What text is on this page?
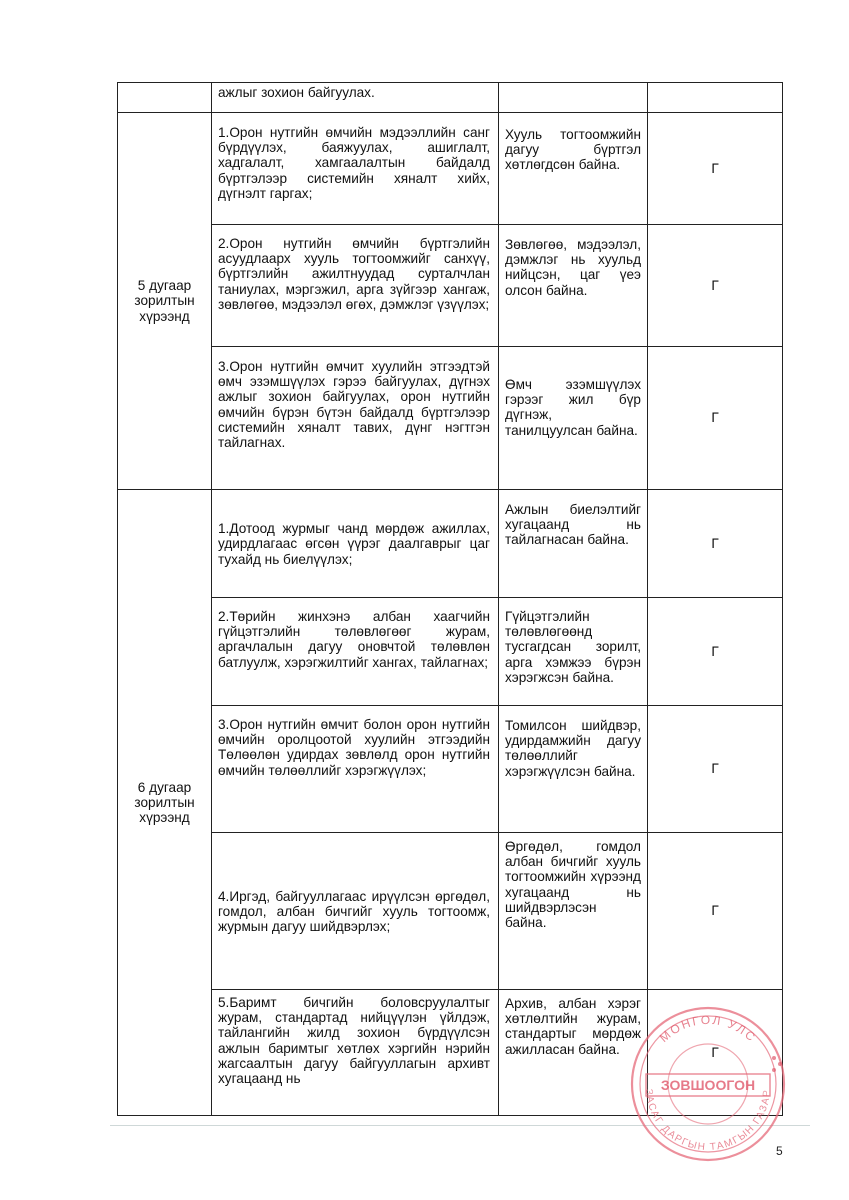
	ажлыг зохион байгуулах.		
5 дугаар зорилтын хүрээнд	1.Орон нутгийн өмчийн мэдээллийн санг бүрдүүлэх, баяжуулах, ашиглалт, хадгалалт, хамгаалалтын байдалд бүртгэлээр системийн хяналт хийх, дүгнэлт гаргах;	Хууль тогтоомжийн дагуу бүртгэл хөтлөгдсөн байна.	Г
	2.Орон нутгийн өмчийн бүртгэлийн асуудлаарх хууль тогтоомжийг санхүү, бүртгэлийн ажилтнуудад сурталчлан таниулах, мэргэжил, арга зүйгээр хангаж, зөвлөгөө, мэдээлэл өгөх, дэмжлэг үзүүлэх;	Зөвлөгөө, мэдээлэл, дэмжлэг нь хуульд нийцсэн, цаг үеэ олсон байна.	Г
	3.Орон нутгийн өмчит хуулийн этгээдтэй өмч эзэмшүүлэх гэрээ байгуулах, дүгнэх ажлыг зохион байгуулах, орон нутгийн өмчийн бүрэн бүтэн байдалд бүртгэлээр системийн хяналт тавих, дүнг нэгтгэн тайлагнах.	Өмч эзэмшүүлэх гэрээг жил бүр дүгнэж, танилцуулсан байна.	Г
6 дугаар зорилтын хүрээнд	1.Дотоод журмыг чанд мөрдөж ажиллах, удирдлагаас өгсөн үүрэг даалгаврыг цаг тухайд нь биелүүлэх;	Ажлын биелэлтийг хугацаанд нь тайлагнасан байна.	Г
	2.Төрийн жинхэнэ албан хаагчийн гүйцэтгэлийн төлөвлөгөөг журам, аргачлалын дагуу оновчтой төлөвлөн батлуулж, хэрэгжилтийг хангах, тайлагнах;	Гүйцэтгэлийн төлөвлөгөөнд тусгагдсан зорилт, арга хэмжээ бүрэн хэрэгжсэн байна.	Г
	3.Орон нутгийн өмчит болон орон нутгийн өмчийн оролцоотой хуулийн этгээдийн Төлөөлөн удирдах зөвлөлд орон нутгийн өмчийн төлөөллийг хэрэгжүүлэх;	Томилсон шийдвэр, удирдамжийн дагуу төлөөллийг хэрэгжүүлсэн байна.	Г
	4.Иргэд, байгууллагаас ирүүлсэн өргөдөл, гомдол, албан бичгийг хууль тогтоомж, журмын дагуу шийдвэрлэх;	Өргөдөл, гомдол албан бичгийг хууль тогтоомжийн хүрээнд хугацаанд нь шийдвэрлэсэн байна.	Г
	5.Баримт бичгийн боловсруулалтыг журам, стандартад нийцүүлэн үйлдэж, тайлангийн жилд зохион бүрдүүлсэн ажлын баримтыг хөтлөх хэргийн нэрийн жагсаалтын дагуу байгууллагын архивт хугацаанд нь	Архив, албан хэрэг хөтлөлтийн журам, стандартыг мөрдөж ажилласан байна.	Г
МОНГОЛ УЛС
ЗАСАГ ДАРГЫН ТАМГЫН ГАЗАР
ЗОВШООГОН
5
